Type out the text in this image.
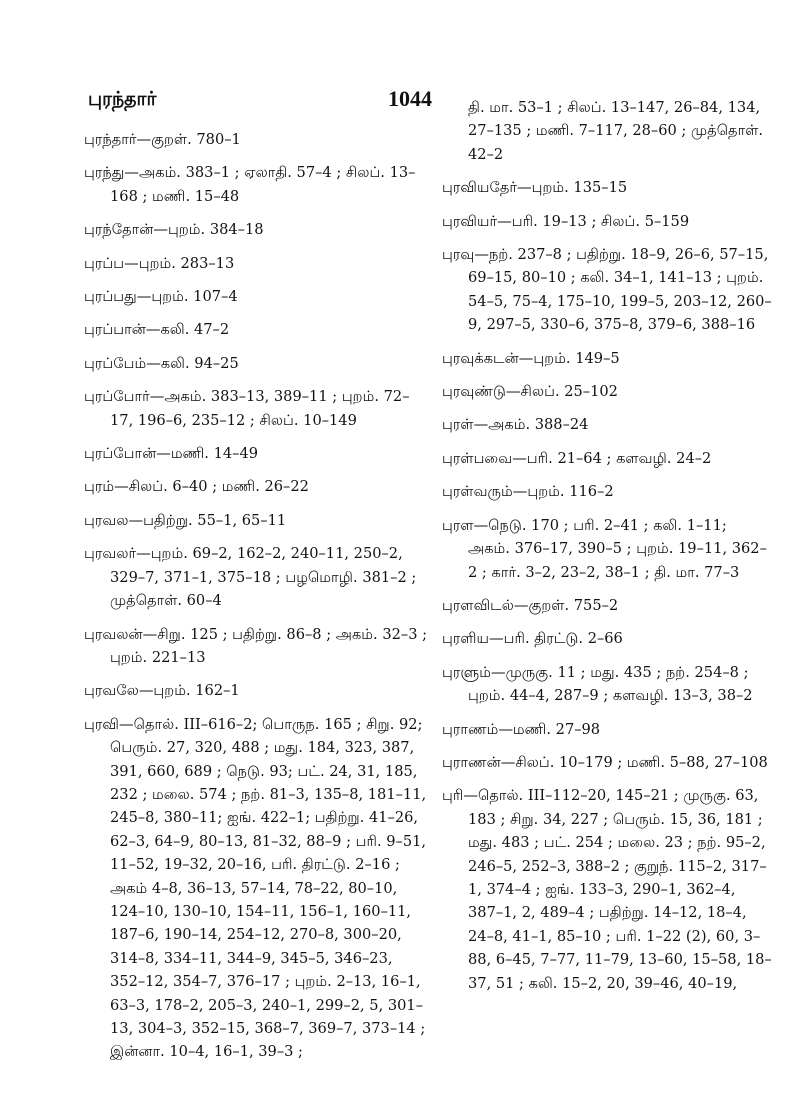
புரந்தார்	1044
புரந்தார்—குறள். 780–1
புரந்து—அகம். 383–1 ; ஏலாதி. 57–4 ; சிலப். 13–168 ; மணி. 15–48
புரந்தோன்—புறம். 384–18
புரப்ப—புறம். 283–13
புரப்பது—புறம். 107–4
புரப்பான்—கலி. 47–2
புரப்பேம்—கலி. 94–25
புரப்போர்—அகம். 383–13, 389–11 ; புறம். 72–17, 196–6, 235–12 ; சிலப். 10–149
புரப்போன்—மணி. 14–49
புரம்—சிலப். 6–40 ; மணி. 26–22
புரவல—பதிற்று. 55–1, 65–11
புரவலர்—புறம். 69–2, 162–2, 240–11, 250–2, 329–7, 371–1, 375–18 ; பழமொழி. 381–2 ; முத்தொள். 60–4
புரவலன்—சிறு. 125 ; பதிற்று. 86–8 ; அகம். 32–3 ; புறம். 221–13
புரவலே—புறம். 162–1
புரவி—தொல். III–616–2; பொருந. 165 ; சிறு. 92; பெரும். 27, 320, 488 ; மது. 184, 323, 387, 391, 660, 689 ; நெடு. 93; பட். 24, 31, 185, 232 ; மலை. 574 ; நற். 81–3, 135–8, 181–11, 245–8, 380–11; ஐங். 422–1; பதிற்று. 41–26, 62–3, 64–9, 80–13, 81–32, 88–9 ; பரி. 9–51, 11–52, 19–32, 20–16, பரி. திரட்டு. 2–16 ; அகம் 4–8, 36–13, 57–14, 78–22, 80–10, 124–10, 130–10, 154–11, 156–1, 160–11, 187–6, 190–14, 254–12, 270–8, 300–20, 314–8, 334–11, 344–9, 345–5, 346–23, 352–12, 354–7, 376–17 ; புறம். 2–13, 16–1, 63–3, 178–2, 205–3, 240–1, 299–2, 5, 301–13, 304–3, 352–15, 368–7, 369–7, 373–14 ; இன்னா. 10–4, 16–1, 39–3 ;
தி. மா. 53–1 ; சிலப். 13–147, 26–84, 134, 27–135 ; மணி. 7–117, 28–60 ; முத்தொள். 42–2
புரவியதேர்—புறம். 135–15
புரவியர்—பரி. 19–13 ; சிலப். 5–159
புரவு—நற். 237–8 ; பதிற்று. 18–9, 26–6, 57–15, 69–15, 80–10 ; கலி. 34–1, 141–13 ; புறம். 54–5, 75–4, 175–10, 199–5, 203–12, 260–9, 297–5, 330–6, 375–8, 379–6, 388–16
புரவுக்கடன்—புறம். 149–5
புரவுண்டு—சிலப். 25–102
புரள்—அகம். 388–24
புரள்பவை—பரி. 21–64 ; களவழி. 24–2
புரள்வரும்—புறம். 116–2
புரள—நெடு. 170 ; பரி. 2–41 ; கலி. 1–11; அகம். 376–17, 390–5 ; புறம். 19–11, 362–2 ; கார். 3–2, 23–2, 38–1 ; தி. மா. 77–3
புரளவிடல்—குறள். 755–2
புரளிய—பரி. திரட்டு. 2–66
புரளும்—முருகு. 11 ; மது. 435 ; நற். 254–8 ; புறம். 44–4, 287–9 ; களவழி. 13–3, 38–2
புராணம்—மணி. 27–98
புராணன்—சிலப். 10–179 ; மணி. 5–88, 27–108
புரி—தொல். III–112–20, 145–21 ; முருகு. 63, 183 ; சிறு. 34, 227 ; பெரும். 15, 36, 181 ; மது. 483 ; பட். 254 ; மலை. 23 ; நற். 95–2, 246–5, 252–3, 388–2 ; குறுந். 115–2, 317–1, 374–4 ; ஐங். 133–3, 290–1, 362–4, 387–1, 2, 489–4 ; பதிற்று. 14–12, 18–4, 24–8, 41–1, 85–10 ; பரி. 1–22 (2), 60, 3–88, 6–45, 7–77, 11–79, 13–60, 15–58, 18–37, 51 ; கலி. 15–2, 20, 39–46, 40–19,
